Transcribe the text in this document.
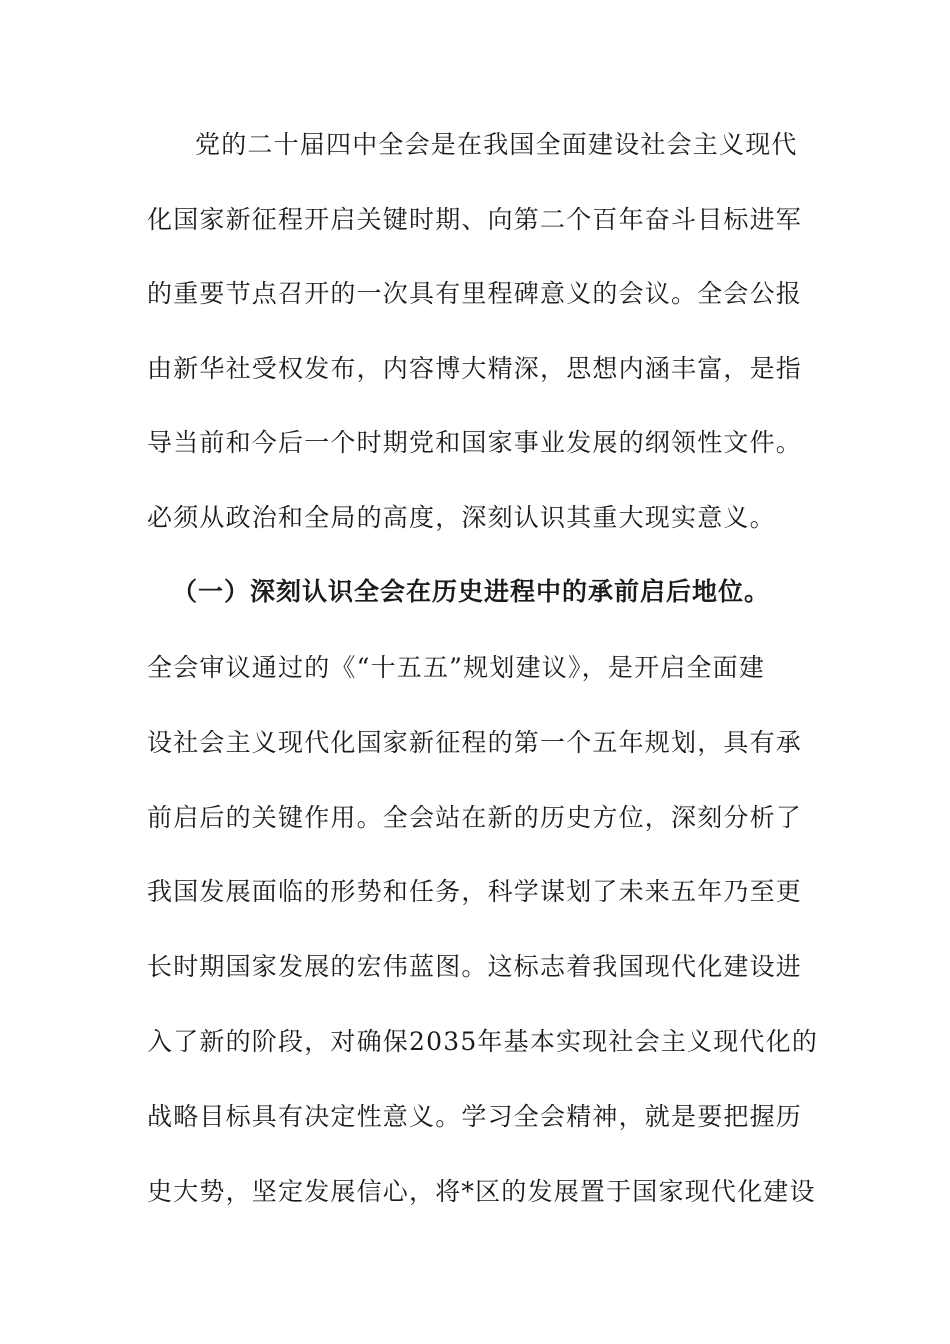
党的二十届四中全会是在我国全面建设社会主义现代
化国家新征程开启关键时期、向第二个百年奋斗目标进军
的重要节点召开的一次具有里程碑意义的会议。全会公报
由新华社受权发布，内容博大精深，思想内涵丰富，是指
导当前和今后一个时期党和国家事业发展的纲领性文件。
必须从政治和全局的高度，深刻认识其重大现实意义。
（一）深刻认识全会在历史进程中的承前启后地位。
全会审议通过的《“十五五”规划建议》，是开启全面建
设社会主义现代化国家新征程的第一个五年规划，具有承
前启后的关键作用。全会站在新的历史方位，深刻分析了
我国发展面临的形势和任务，科学谋划了未来五年乃至更
长时期国家发展的宏伟蓝图。这标志着我国现代化建设进
入了新的阶段，对确保2035年基本实现社会主义现代化的
战略目标具有决定性意义。学习全会精神，就是要把握历
史大势，坚定发展信心，将*区的发展置于国家现代化建设
